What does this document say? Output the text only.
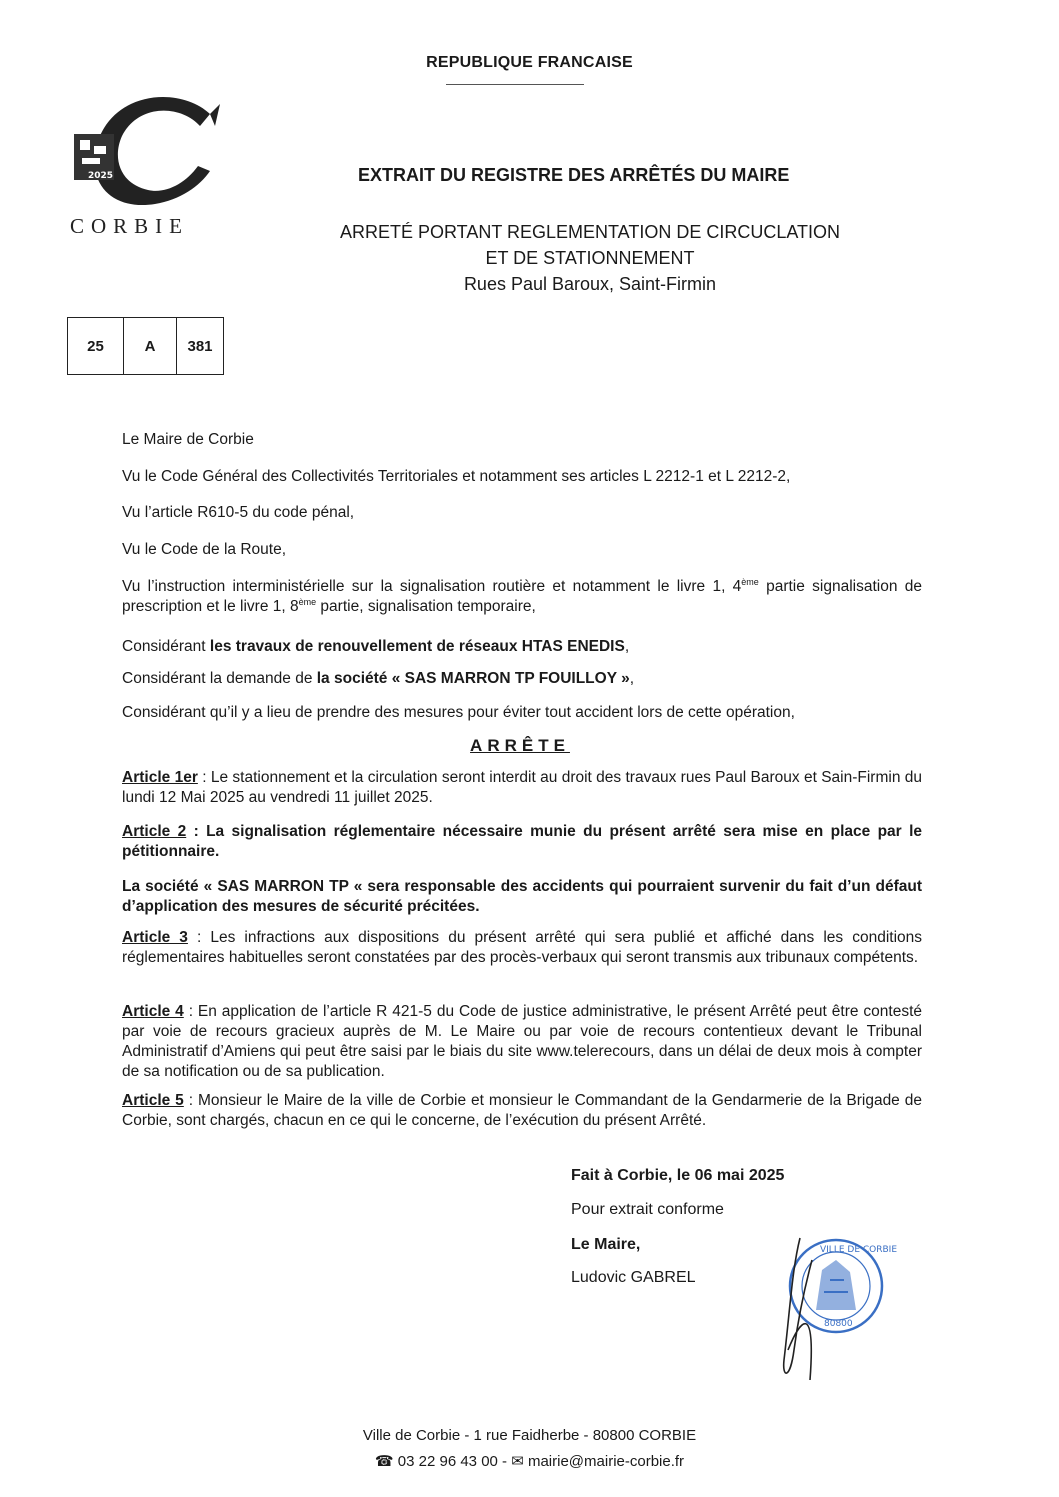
REPUBLIQUE FRANCAISE
2025
CORBIE
EXTRAIT DU REGISTRE DES ARRÊTÉS DU MAIRE
ARRETÉ PORTANT REGLEMENTATION DE CIRCUCLATION
ET DE STATIONNEMENT
Rues Paul Baroux, Saint-Firmin
25	A	381
Le Maire de Corbie
Vu le Code Général des Collectivités Territoriales et notamment ses articles L 2212-1 et L 2212-2,
Vu l’article R610-5 du code pénal,
Vu le Code de la Route,
Vu l’instruction interministérielle sur la signalisation routière et notamment le livre 1, 4ème partie signalisation de prescription et le livre 1, 8ème partie, signalisation temporaire,
Considérant les travaux de renouvellement de réseaux HTAS ENEDIS,
Considérant la demande de la société « SAS MARRON TP FOUILLOY »,
Considérant qu’il y a lieu de prendre des mesures pour éviter tout accident lors de cette opération,
ARRÊTE
Article 1er : Le stationnement et la circulation seront interdit au droit des travaux rues Paul Baroux et Sain-Firmin du lundi 12 Mai 2025 au vendredi 11 juillet 2025.
Article 2 : La signalisation réglementaire nécessaire munie du présent arrêté sera mise en place par le pétitionnaire.
La société « SAS MARRON TP « sera responsable des accidents qui pourraient survenir du fait d’un défaut d’application des mesures de sécurité précitées.
Article 3 : Les infractions aux dispositions du présent arrêté qui sera publié et affiché dans les conditions réglementaires habituelles seront constatées par des procès-verbaux qui seront transmis aux tribunaux compétents.
Article 4 : En application de l’article R 421-5 du Code de justice administrative, le présent Arrêté peut être contesté par voie de recours gracieux auprès de M. Le Maire ou par voie de recours contentieux devant le Tribunal Administratif d’Amiens qui peut être saisi par le biais du site www.telerecours, dans un délai de deux mois à compter de sa notification ou de sa publication.
Article 5 : Monsieur le Maire de la ville de Corbie et monsieur le Commandant de la Gendarmerie de la Brigade de Corbie, sont chargés, chacun en ce qui le concerne, de l’exécution du présent Arrêté.
Fait à Corbie, le 06 mai 2025
Pour extrait conforme
Le Maire,
Ludovic GABREL
VILLE DE CORBIE
80800
Ville de Corbie - 1 rue Faidherbe - 80800 CORBIE
☎ 03 22 96 43 00 - ✉ mairie@mairie-corbie.fr
